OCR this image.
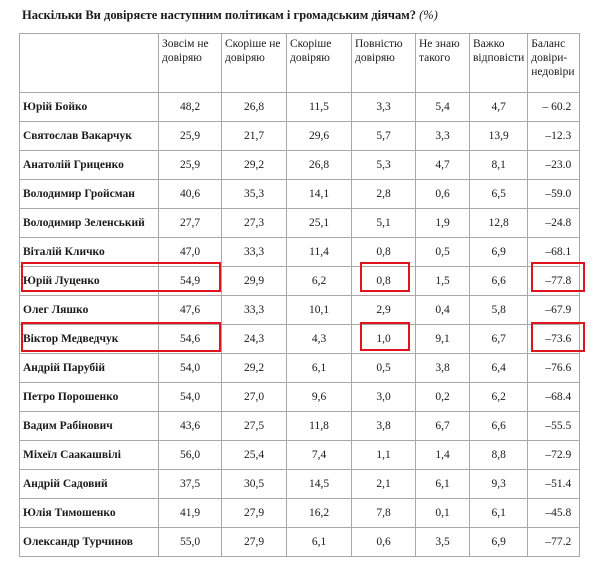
Наскільки Ви довіряєте наступним політикам і громадським діячам? (%)
	Зовсім не довіряю	Скоріше не довіряю	Скоріше довіряю	Повністю довіряю	Не знаю такого	Важко відповісти	Баланс довіри-недовіри
Юрій Бойко	48,2	26,8	11,5	3,3	5,4	4,7	– 60.2
Святослав Вакарчук	25,9	21,7	29,6	5,7	3,3	13,9	–12.3
Анатолій Гриценко	25,9	29,2	26,8	5,3	4,7	8,1	–23.0
Володимир Гройсман	40,6	35,3	14,1	2,8	0,6	6,5	–59.0
Володимир Зеленський	27,7	27,3	25,1	5,1	1,9	12,8	–24.8
Віталій Кличко	47,0	33,3	11,4	0,8	0,5	6,9	–68.1
Юрій Луценко	54,9	29,9	6,2	0,8	1,5	6,6	–77.8
Олег Ляшко	47,6	33,3	10,1	2,9	0,4	5,8	–67.9
Віктор Медведчук	54,6	24,3	4,3	1,0	9,1	6,7	–73.6
Андрій Парубій	54,0	29,2	6,1	0,5	3,8	6,4	–76.6
Петро Порошенко	54,0	27,0	9,6	3,0	0,2	6,2	–68.4
Вадим Рабінович	43,6	27,5	11,8	3,8	6,7	6,6	–55.5
Міхеїл Саакашвілі	56,0	25,4	7,4	1,1	1,4	8,8	–72.9
Андрій Садовий	37,5	30,5	14,5	2,1	6,1	9,3	–51.4
Юлія Тимошенко	41,9	27,9	16,2	7,8	0,1	6,1	–45.8
Олександр Турчинов	55,0	27,9	6,1	0,6	3,5	6,9	–77.2
